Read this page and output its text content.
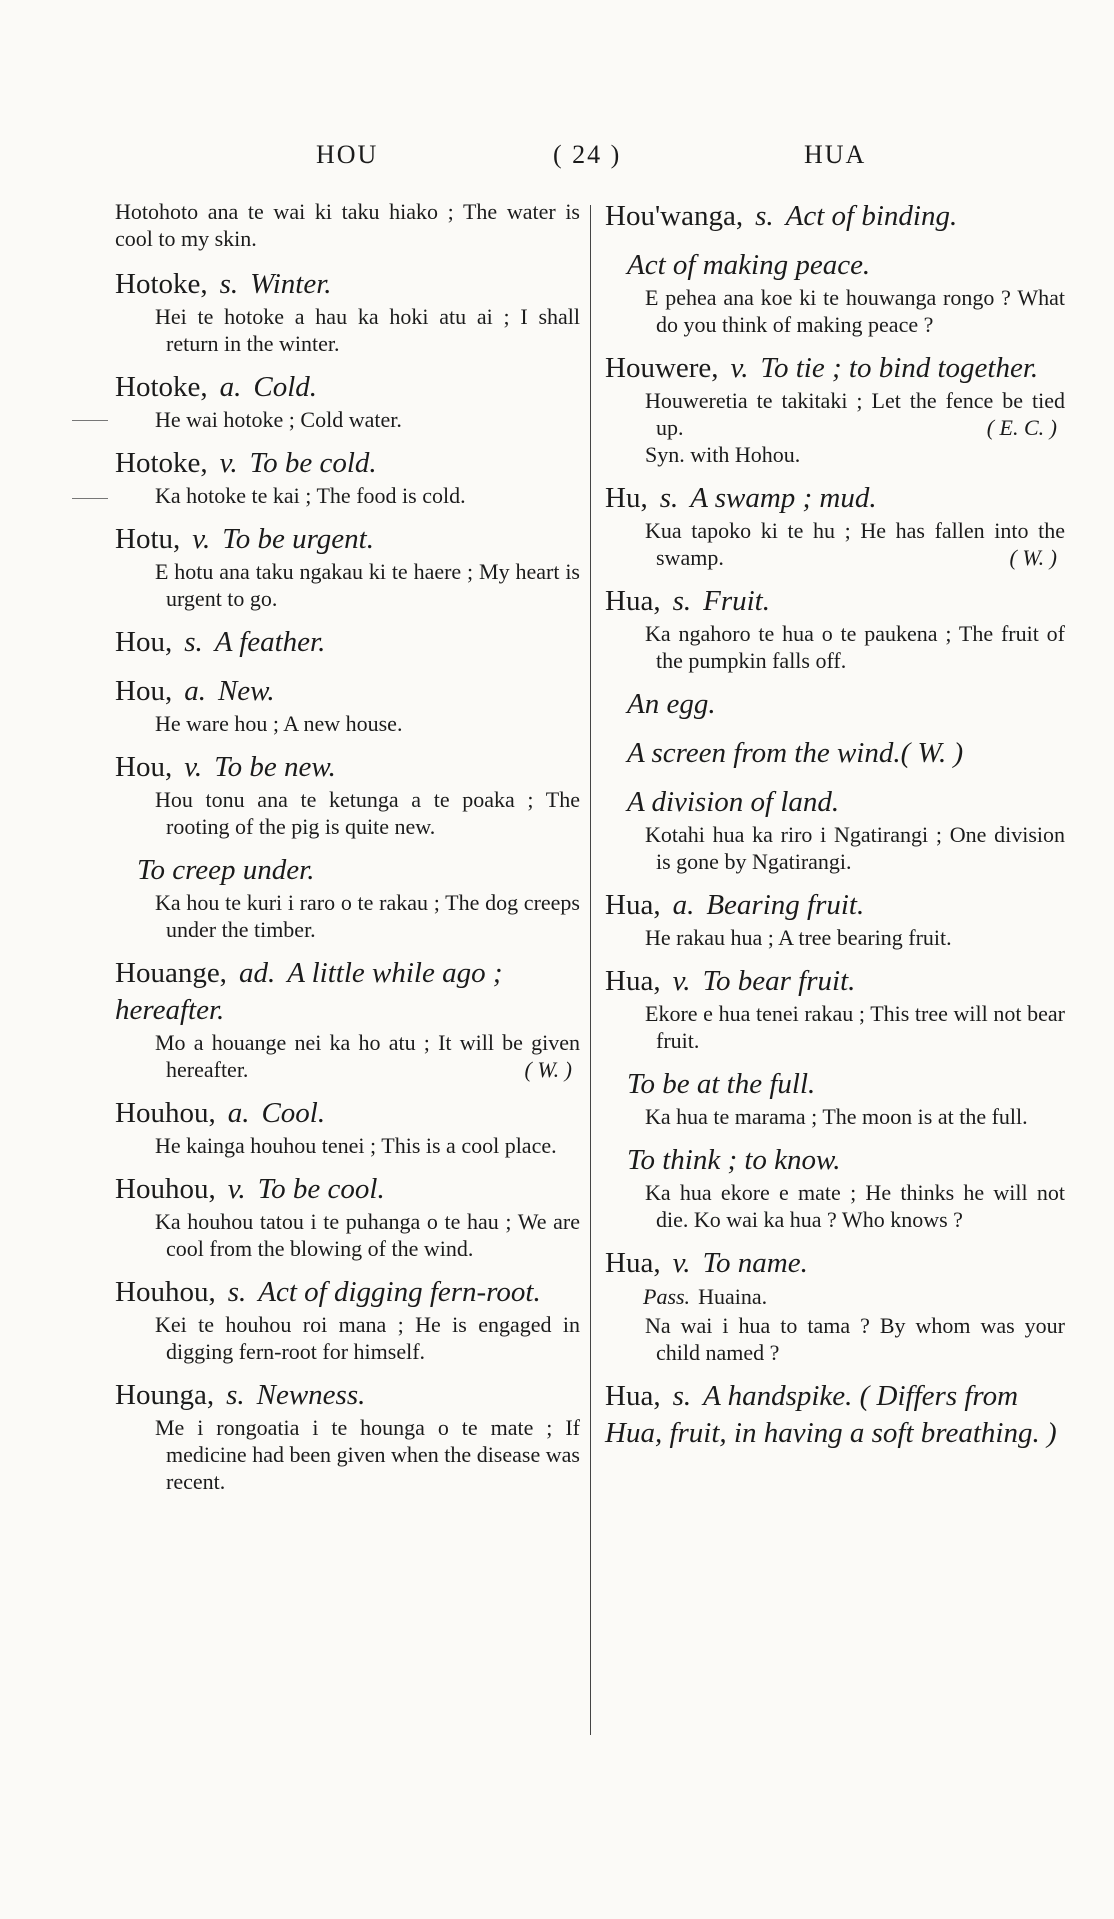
HOU	( 24 )	HUA
Hotohoto ana te wai ki taku hiako ; The water is cool to my skin.
Hotoke, s. Winter.
Hei te hotoke a hau ka hoki atu ai ; I shall return in the winter.
Hotoke, a. Cold.
He wai hotoke ; Cold water.
Hotoke, v. To be cold.
Ka hotoke te kai ; The food is cold.
Hotu, v. To be urgent.
E hotu ana taku ngakau ki te haere ; My heart is urgent to go.
Hou, s. A feather.
Hou, a. New.
He ware hou ; A new house.
Hou, v. To be new.
Hou tonu ana te ketunga a te poaka ; The rooting of the pig is quite new.
To creep under.
Ka hou te kuri i raro o te rakau ; The dog creeps under the timber.
Houange, ad. A little while ago ; hereafter.
Mo a houange nei ka ho atu ; It will be given hereafter.	( W. )
Houhou, a. Cool.
He kainga houhou tenei ; This is a cool place.
Houhou, v. To be cool.
Ka houhou tatou i te puhanga o te hau ; We are cool from the blowing of the wind.
Houhou, s. Act of digging fern-root.
Kei te houhou roi mana ; He is engaged in digging fern-root for himself.
Hounga, s. Newness.
Me i rongoatia i te hounga o te mate ; If medicine had been given when the disease was recent.
Hou'wanga, s. Act of binding.
Act of making peace.
E pehea ana koe ki te houwanga rongo ? What do you think of making peace ?
Houwere, v. To tie ; to bind together.
Houweretia te takitaki ; Let the fence be tied up.	( E. C. )
Syn. with Hohou.
Hu, s. A swamp ; mud.
Kua tapoko ki te hu ; He has fallen into the swamp.	( W. )
Hua, s. Fruit.
Ka ngahoro te hua o te paukena ; The fruit of the pumpkin falls off.
An egg.
A screen from the wind.( W. )
A division of land.
Kotahi hua ka riro i Ngatirangi ; One division is gone by Ngatirangi.
Hua, a. Bearing fruit.
He rakau hua ; A tree bearing fruit.
Hua, v. To bear fruit.
Ekore e hua tenei rakau ; This tree will not bear fruit.
To be at the full.
Ka hua te marama ; The moon is at the full.
To think ; to know.
Ka hua ekore e mate ; He thinks he will not die. Ko wai ka hua ? Who knows ?
Hua, v. To name.
Pass. Huaina.
Na wai i hua to tama ? By whom was your child named ?
Hua, s. A handspike. ( Differs from Hua, fruit, in having a soft breathing. )
